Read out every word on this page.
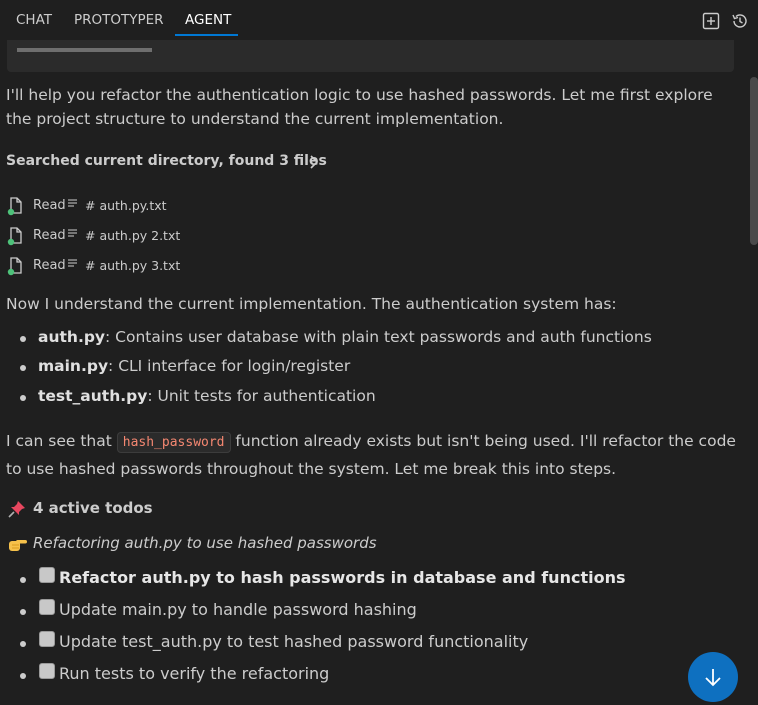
CHAT PROTOTYPER AGENT

I'll help you refactor the authentication logic to use hashed passwords. Let me first explore the project structure to understand the current implementation.

Searched current directory, found 3 files
Read # auth.py.txt
Read # auth.py 2.txt
Read # auth.py 3.txt

Now I understand the current implementation. The authentication system has:

auth.py: Contains user database with plain text passwords and auth functions
main.py: CLI interface for login/register
test_auth.py: Unit tests for authentication

I can see that hash_password function already exists but isn't being used. I'll refactor the code to use hashed passwords throughout the system. Let me break this into steps.

4 active todos
Refactoring auth.py to use hashed passwords
Refactor auth.py to hash passwords in database and functions
Update main.py to handle password hashing
Update test_auth.py to test hashed password functionality
Run tests to verify the refactoring
